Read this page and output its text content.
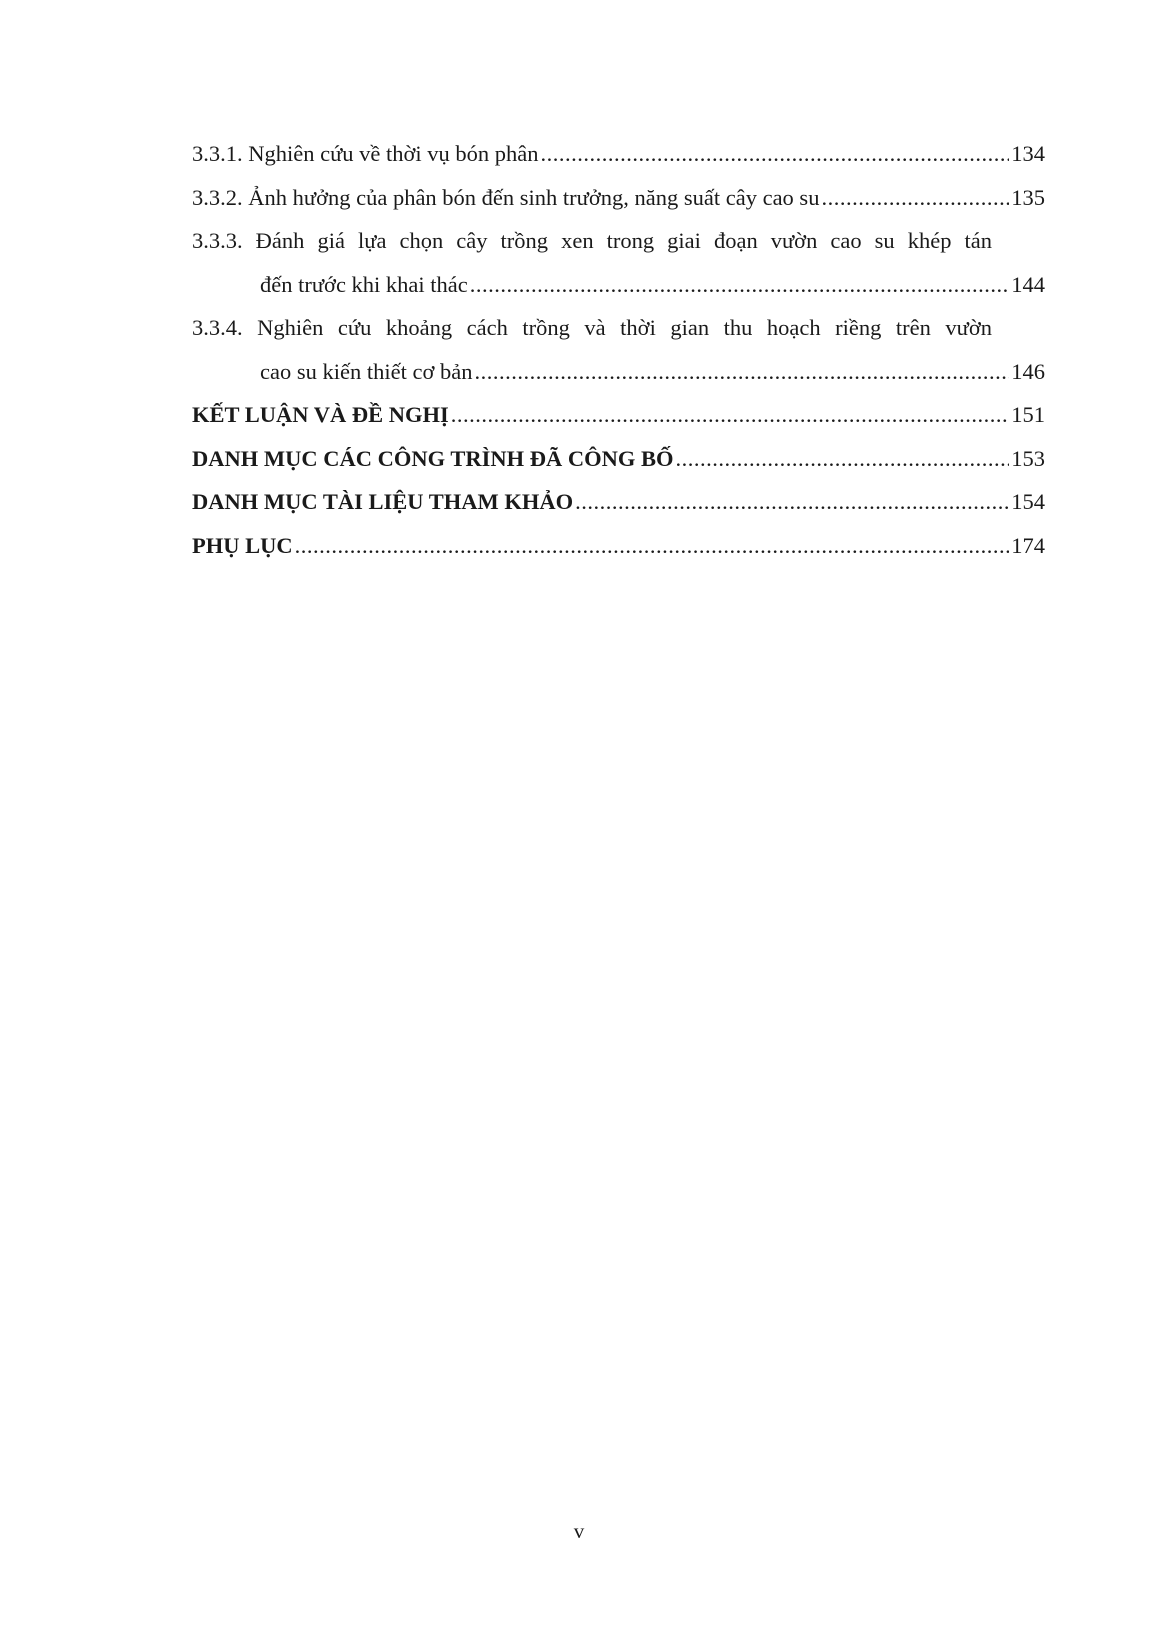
3.3.1. Nghiên cứu về thời vụ bón phân .....	134
3.3.2. Ảnh hưởng của phân bón đến sinh trưởng, năng suất cây cao su .....	135
3.3.3. Đánh giá lựa chọn cây trồng xen trong giai đoạn vườn cao su khép tán
đến trước khi khai thác .....	144
3.3.4. Nghiên cứu khoảng cách trồng và thời gian thu hoạch riềng trên vườn
cao su kiến thiết cơ bản .....	146
KẾT LUẬN VÀ ĐỀ NGHỊ .....	151
DANH MỤC CÁC CÔNG TRÌNH ĐÃ CÔNG BỐ .....	153
DANH MỤC TÀI LIỆU THAM KHẢO .....	154
PHỤ LỤC .....	174
v
